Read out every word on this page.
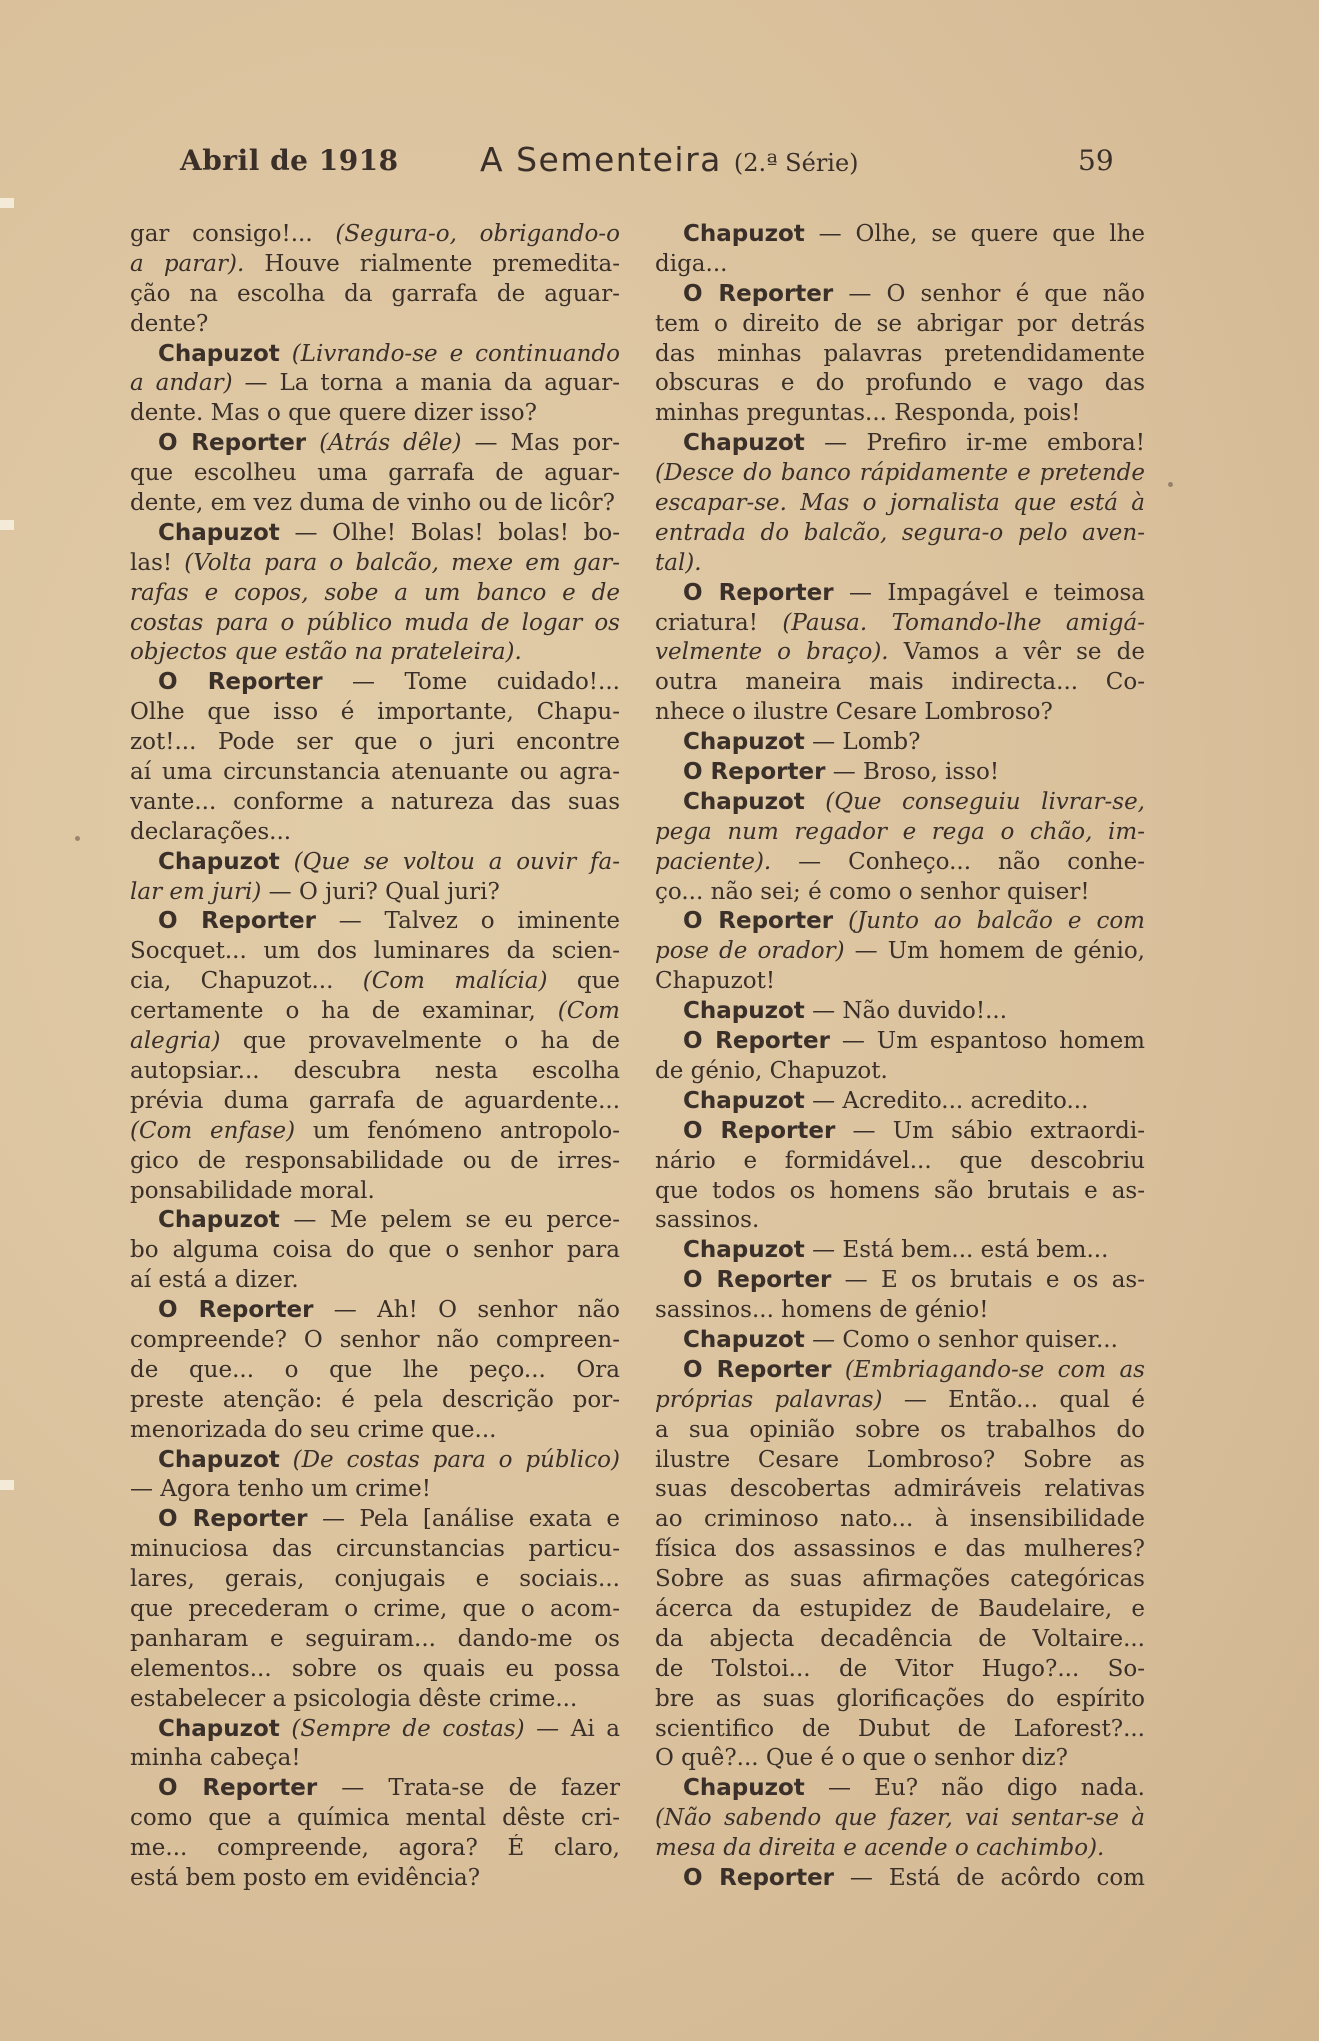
Abril de 1918 A Sementeira (2.ª Série)	59
gar consigo!... (Segura-o, obrigando-o
a parar). Houve rialmente premedita-
ção na escolha da garrafa de aguar-
dente?
Chapuzot (Livrando-se e continuando
a andar) — La torna a mania da aguar-
dente. Mas o que quere dizer isso?
O Reporter (Atrás dêle) — Mas por-
que escolheu uma garrafa de aguar-
dente, em vez duma de vinho ou de licôr?
Chapuzot — Olhe! Bolas! bolas! bo-
las! (Volta para o balcão, mexe em gar-
rafas e copos, sobe a um banco e de
costas para o público muda de logar os
objectos que estão na prateleira).
O Reporter — Tome cuidado!...
Olhe que isso é importante, Chapu-
zot!... Pode ser que o juri encontre
aí uma circunstancia atenuante ou agra-
vante... conforme a natureza das suas
declarações...
Chapuzot (Que se voltou a ouvir fa-
lar em juri) — O juri? Qual juri?
O Reporter — Talvez o iminente
Socquet... um dos luminares da scien-
cia, Chapuzot... (Com malícia) que
certamente o ha de examinar, (Com
alegria) que provavelmente o ha de
autopsiar... descubra nesta escolha
prévia duma garrafa de aguardente...
(Com enfase) um fenómeno antropolo-
gico de responsabilidade ou de irres-
ponsabilidade moral.
Chapuzot — Me pelem se eu perce-
bo alguma coisa do que o senhor para
aí está a dizer.
O Reporter — Ah! O senhor não
compreende? O senhor não compreen-
de que... o que lhe peço... Ora
preste atenção: é pela descrição por-
menorizada do seu crime que...
Chapuzot (De costas para o público)
— Agora tenho um crime!
O Reporter — Pela [análise exata e
minuciosa das circunstancias particu-
lares, gerais, conjugais e sociais...
que precederam o crime, que o acom-
panharam e seguiram... dando-me os
elementos... sobre os quais eu possa
estabelecer a psicologia dêste crime...
Chapuzot (Sempre de costas) — Ai a
minha cabeça!
O Reporter — Trata-se de fazer
como que a química mental dêste cri-
me... compreende, agora? É claro,
está bem posto em evidência?
Chapuzot — Olhe, se quere que lhe
diga...
O Reporter — O senhor é que não
tem o direito de se abrigar por detrás
das minhas palavras pretendidamente
obscuras e do profundo e vago das
minhas preguntas... Responda, pois!
Chapuzot — Prefiro ir-me embora!
(Desce do banco rápidamente e pretende
escapar-se. Mas o jornalista que está à
entrada do balcão, segura-o pelo aven-
tal).
O Reporter — Impagável e teimosa
criatura! (Pausa. Tomando-lhe amigá-
velmente o braço). Vamos a vêr se de
outra maneira mais indirecta... Co-
nhece o ilustre Cesare Lombroso?
Chapuzot — Lomb?
O Reporter — Broso, isso!
Chapuzot (Que conseguiu livrar-se,
pega num regador e rega o chão, im-
paciente). — Conheço... não conhe-
ço... não sei; é como o senhor quiser!
O Reporter (Junto ao balcão e com
pose de orador) — Um homem de génio,
Chapuzot!
Chapuzot — Não duvido!...
O Reporter — Um espantoso homem
de génio, Chapuzot.
Chapuzot — Acredito... acredito...
O Reporter — Um sábio extraordi-
nário e formidável... que descobriu
que todos os homens são brutais e as-
sassinos.
Chapuzot — Está bem... está bem...
O Reporter — E os brutais e os as-
sassinos... homens de génio!
Chapuzot — Como o senhor quiser...
O Reporter (Embriagando-se com as
próprias palavras) — Então... qual é
a sua opinião sobre os trabalhos do
ilustre Cesare Lombroso? Sobre as
suas descobertas admiráveis relativas
ao criminoso nato... à insensibilidade
física dos assassinos e das mulheres?
Sobre as suas afirmações categóricas
ácerca da estupidez de Baudelaire, e
da abjecta decadência de Voltaire...
de Tolstoi... de Vitor Hugo?... So-
bre as suas glorificações do espírito
scientifico de Dubut de Laforest?...
O quê?... Que é o que o senhor diz?
Chapuzot — Eu? não digo nada.
(Não sabendo que fazer, vai sentar-se à
mesa da direita e acende o cachimbo).
O Reporter — Está de acôrdo com
